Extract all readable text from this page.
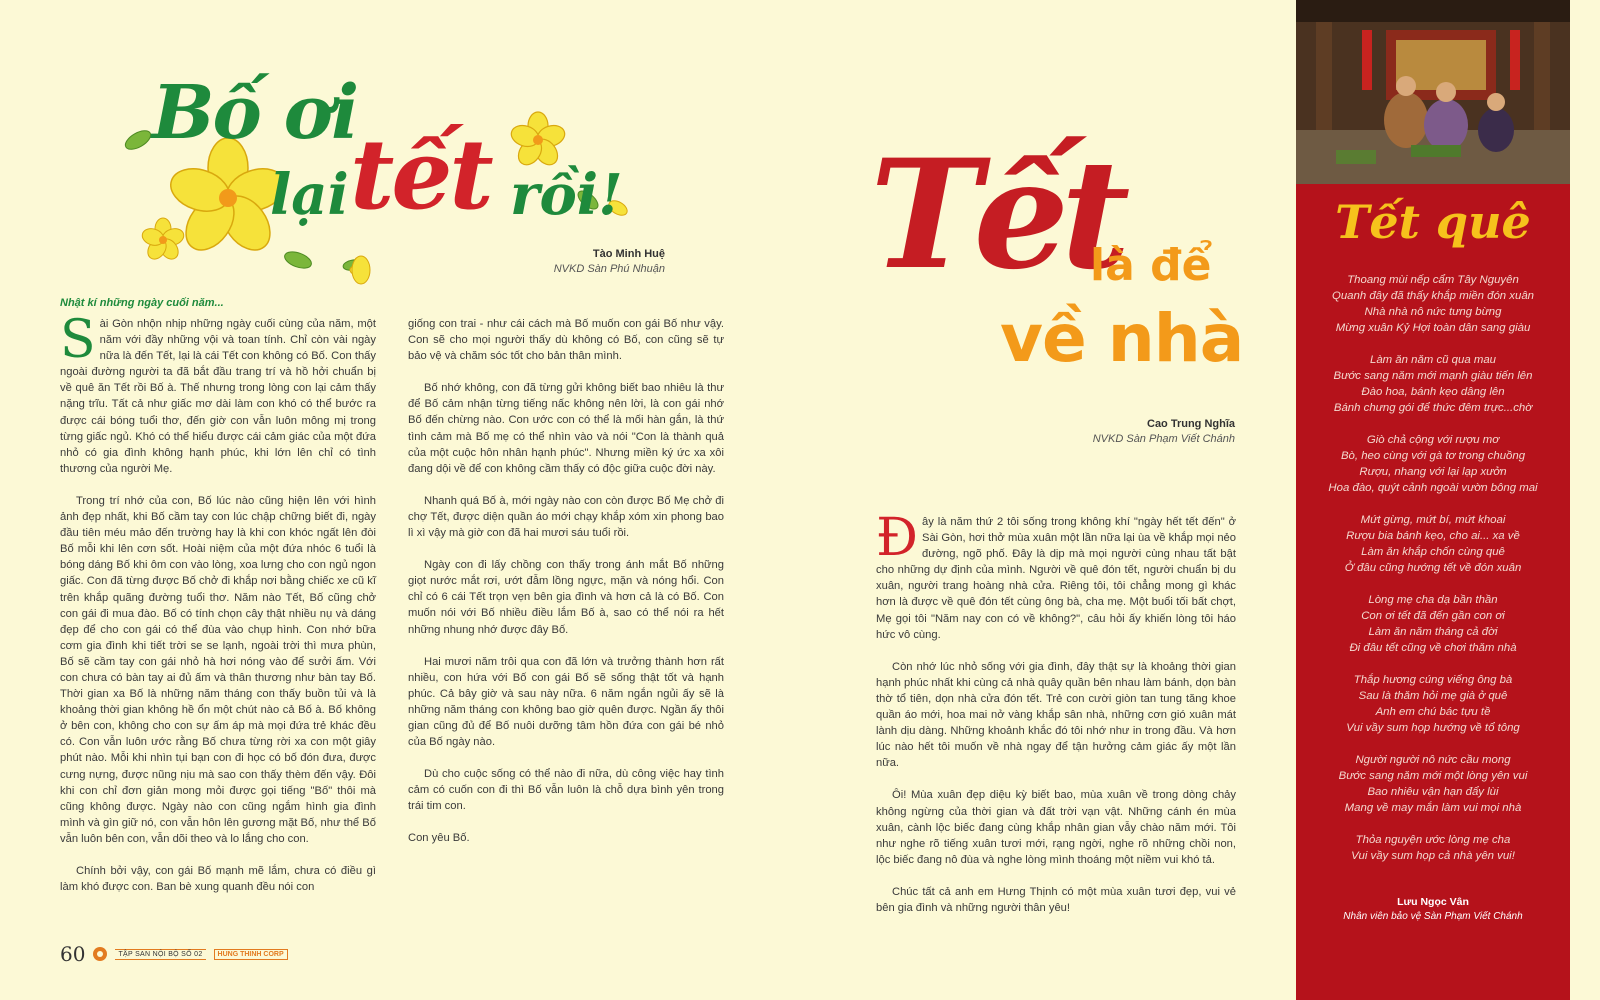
Bố ơi
lại tết rồi!
Tào Minh Huệ
NVKD Sàn Phú Nhuận
Nhật kí những ngày cuối năm...

Sài Gòn nhộn nhịp những ngày cuối cùng của năm, một năm với đầy những vội và toan tính. Chỉ còn vài ngày nữa là đến Tết, lại là cái Tết con không có Bố. Con thấy ngoài đường người ta đã bắt đầu trang trí và hồ hởi chuẩn bị về quê ăn Tết rồi Bố à. Thế nhưng trong lòng con lại cảm thấy nặng trĩu. Tất cả như giấc mơ dài làm con khó có thể bước ra được cái bóng tuổi thơ, đến giờ con vẫn luôn mông mị trong từng giấc ngủ. Khó có thể hiểu được cái cảm giác của một đứa nhỏ có gia đình không hạnh phúc, khi lớn lên chỉ có tình thương của người Mẹ.

Trong trí nhớ của con, Bố lúc nào cũng hiện lên với hình ảnh đẹp nhất, khi Bố cầm tay con lúc chập chững biết đi, ngày đầu tiên méu mảo đến trường hay là khi con khóc ngất lên đòi Bố mỗi khi lên cơn sốt. Hoài niệm của một đứa nhóc 6 tuổi là bóng dáng Bố khi ôm con vào lòng, xoa lưng cho con ngủ ngon giấc. Con đã từng được Bố chở đi khắp nơi bằng chiếc xe cũ kĩ trên khắp quãng đường tuổi thơ. Năm nào Tết, Bố cũng chở con gái đi mua đào. Bố có tính chọn cây thật nhiều nụ và dáng đẹp để cho con gái có thể đùa vào chụp hình. Con nhớ bữa cơm gia đình khi tiết trời se se lạnh, ngoài trời thì mưa phùn, Bố sẽ cầm tay con gái nhỏ hà hơi nóng vào để sưởi ấm. Với con chưa có bàn tay ai đủ ấm và thân thương như bàn tay Bố. Thời gian xa Bố là những năm tháng con thấy buồn tủi và là khoảng thời gian không hề ổn một chút nào cả Bố à. Bố không ở bên con, không cho con sự ấm áp mà mọi đứa trẻ khác đều có. Con vẫn luôn ước rằng Bố chưa từng rời xa con một giây phút nào. Mỗi khi nhìn tụi bạn con đi học có bố đón đưa, được cưng nựng, được nũng nịu mà sao con thấy thèm đến vậy. Đôi khi con chỉ đơn giản mong mỏi được gọi tiếng "Bố" thôi mà cũng không được. Ngày nào con cũng ngắm hình gia đình mình và gìn giữ nó, con vẫn hôn lên gương mặt Bố, như thể Bố vẫn luôn bên con, vẫn dõi theo và lo lắng cho con.

Chính bởi vậy, con gái Bố mạnh mẽ lắm, chưa có điều gì làm khó được con. Ban bè xung quanh đều nói con

giống con trai - như cái cách mà Bố muốn con gái Bố như vậy. Con sẽ cho mọi người thấy dù không có Bố, con cũng sẽ tự bảo vệ và chăm sóc tốt cho bản thân mình.

Bố nhớ không, con đã từng gửi không biết bao nhiêu là thư để Bố cảm nhận từng tiếng nấc không nên lời, là con gái nhớ Bố đến chừng nào. Con ước con có thể là mối hàn gắn, là thứ tình cảm mà Bố mẹ có thể nhìn vào và nói "Con là thành quả của một cuộc hôn nhân hạnh phúc". Nhưng miền ký ức xa xôi đang dội về để con không cầm thấy có độc giữa cuộc đời này.

Nhanh quá Bố à, mới ngày nào con còn được Bố Mẹ chở đi chợ Tết, được diện quần áo mới chạy khắp xóm xin phong bao lì xì vậy mà giờ con đã hai mươi sáu tuổi rồi.

Ngày con đi lấy chồng con thấy trong ánh mắt Bố những giọt nước mắt rơi, ướt đẫm lồng ngực, mặn và nóng hổi. Con chỉ có 6 cái Tết trọn vẹn bên gia đình và hơn cả là có Bố. Con muốn nói với Bố nhiều điều lắm Bố à, sao có thể nói ra hết những nhung nhớ được đây Bố.

Hai mươi năm trôi qua con đã lớn và trưởng thành hơn rất nhiều, con hứa với Bố con gái Bố sẽ sống thật tốt và hạnh phúc. Cả bây giờ và sau này nữa. 6 năm ngắn ngủi ấy sẽ là những năm tháng con không bao giờ quên được. Ngần ấy thôi gian cũng đủ để Bố nuôi dưỡng tâm hồn đứa con gái bé nhỏ của Bố ngày nào.

Dù cho cuộc sống có thể nào đi nữa, dù công việc hay tình cảm có cuốn con đi thì Bố vẫn luôn là chỗ dựa bình yên trong trái tim con.

Con yêu Bố.

60	TẬP SAN NỘI BỘ SỐ 02	HUNG THINH CORP
Tết
là để
về nhà
Cao Trung Nghĩa
NVKD Sàn Phạm Viết Chánh

Đây là năm thứ 2 tôi sống trong không khí "ngày hết tết đến" ở Sài Gòn, hơi thở mùa xuân một lần nữa lại ùa về khắp mọi nẻo đường, ngõ phố. Đây là dịp mà mọi người cùng nhau tất bật cho những dự định của mình. Người về quê đón tết, người chuẩn bị du xuân, người trang hoàng nhà cửa. Riêng tôi, tôi chẳng mong gì khác hơn là được về quê đón tết cùng ông bà, cha mẹ. Một buổi tối bất chợt, Mẹ gọi tôi "Năm nay con có về không?", câu hỏi ấy khiến lòng tôi háo hức vô cùng.

Còn nhớ lúc nhỏ sống với gia đình, đây thật sự là khoảng thời gian hạnh phúc nhất khi cùng cả nhà quây quần bên nhau làm bánh, dọn bàn thờ tổ tiên, dọn nhà cửa đón tết. Trẻ con cười giòn tan tung tăng khoe quần áo mới, hoa mai nở vàng khắp sân nhà, những cơn gió xuân mát lành dịu dàng. Những khoảnh khắc đó tôi nhớ như in trong đầu. Và hơn lúc nào hết tôi muốn về nhà ngay để tận hưởng cảm giác ấy một lần nữa.

Ôi! Mùa xuân đẹp diệu kỳ biết bao, mùa xuân về trong dòng chảy không ngừng của thời gian và đất trời vạn vật. Những cánh én mùa xuân, cành lộc biếc đang cùng khắp nhân gian vẫy chào năm mới. Tôi như nghe rõ tiếng xuân tươi mới, rạng ngời, nghe rõ những chồi non, lộc biếc đang nô đùa và nghe lòng mình thoáng một niềm vui khó tả.

Chúc tất cả anh em Hưng Thịnh có một mùa xuân tươi đẹp, vui vẻ bên gia đình và những người thân yêu!

Tết quê
Thoang mùi nếp cẩm Tây Nguyên
Quanh đây đã thấy khắp miền đón xuân
Nhà nhà nô nức tưng bừng
Mừng xuân Kỷ Hợi toàn dân sang giàu
Làm ăn năm cũ qua mau
Bước sang năm mới mạnh giàu tiến lên
Đào hoa, bánh kẹo dâng lên
Bánh chưng gói để thức đêm trực...chờ
Giò chả cộng với rượu mơ
Bò, heo cùng với gà tơ trong chuồng
Rượu, nhang với lại lạp xưởn
Hoa đào, quýt cảnh ngoài vườn bông mai
Mứt gừng, mứt bí, mứt khoai
Rượu bia bánh kẹo, cho ai... xa về
Làm ăn khắp chốn cùng quê
Ở đâu cũng hướng tết về đón xuân
Lòng mẹ cha dạ bần thần
Con ơi tết đã đến gần con ơi
Làm ăn năm tháng cả đời
Đi đâu tết cũng về chơi thăm nhà
Thắp hương cúng viếng ông bà
Sau là thăm hỏi mẹ già ở quê
Anh em chú bác tựu tề
Vui vầy sum họp hướng về tổ tông
Người người nô nức cầu mong
Bước sang năm mới một lòng yên vui
Bao nhiêu vận hạn đẩy lùi
Mang về may mắn làm vui mọi nhà
Thỏa nguyện ước lòng mẹ cha
Vui vầy sum họp cả nhà yên vui!
Lưu Ngọc Vân
Nhân viên bảo vệ Sàn Phạm Viết Chánh
